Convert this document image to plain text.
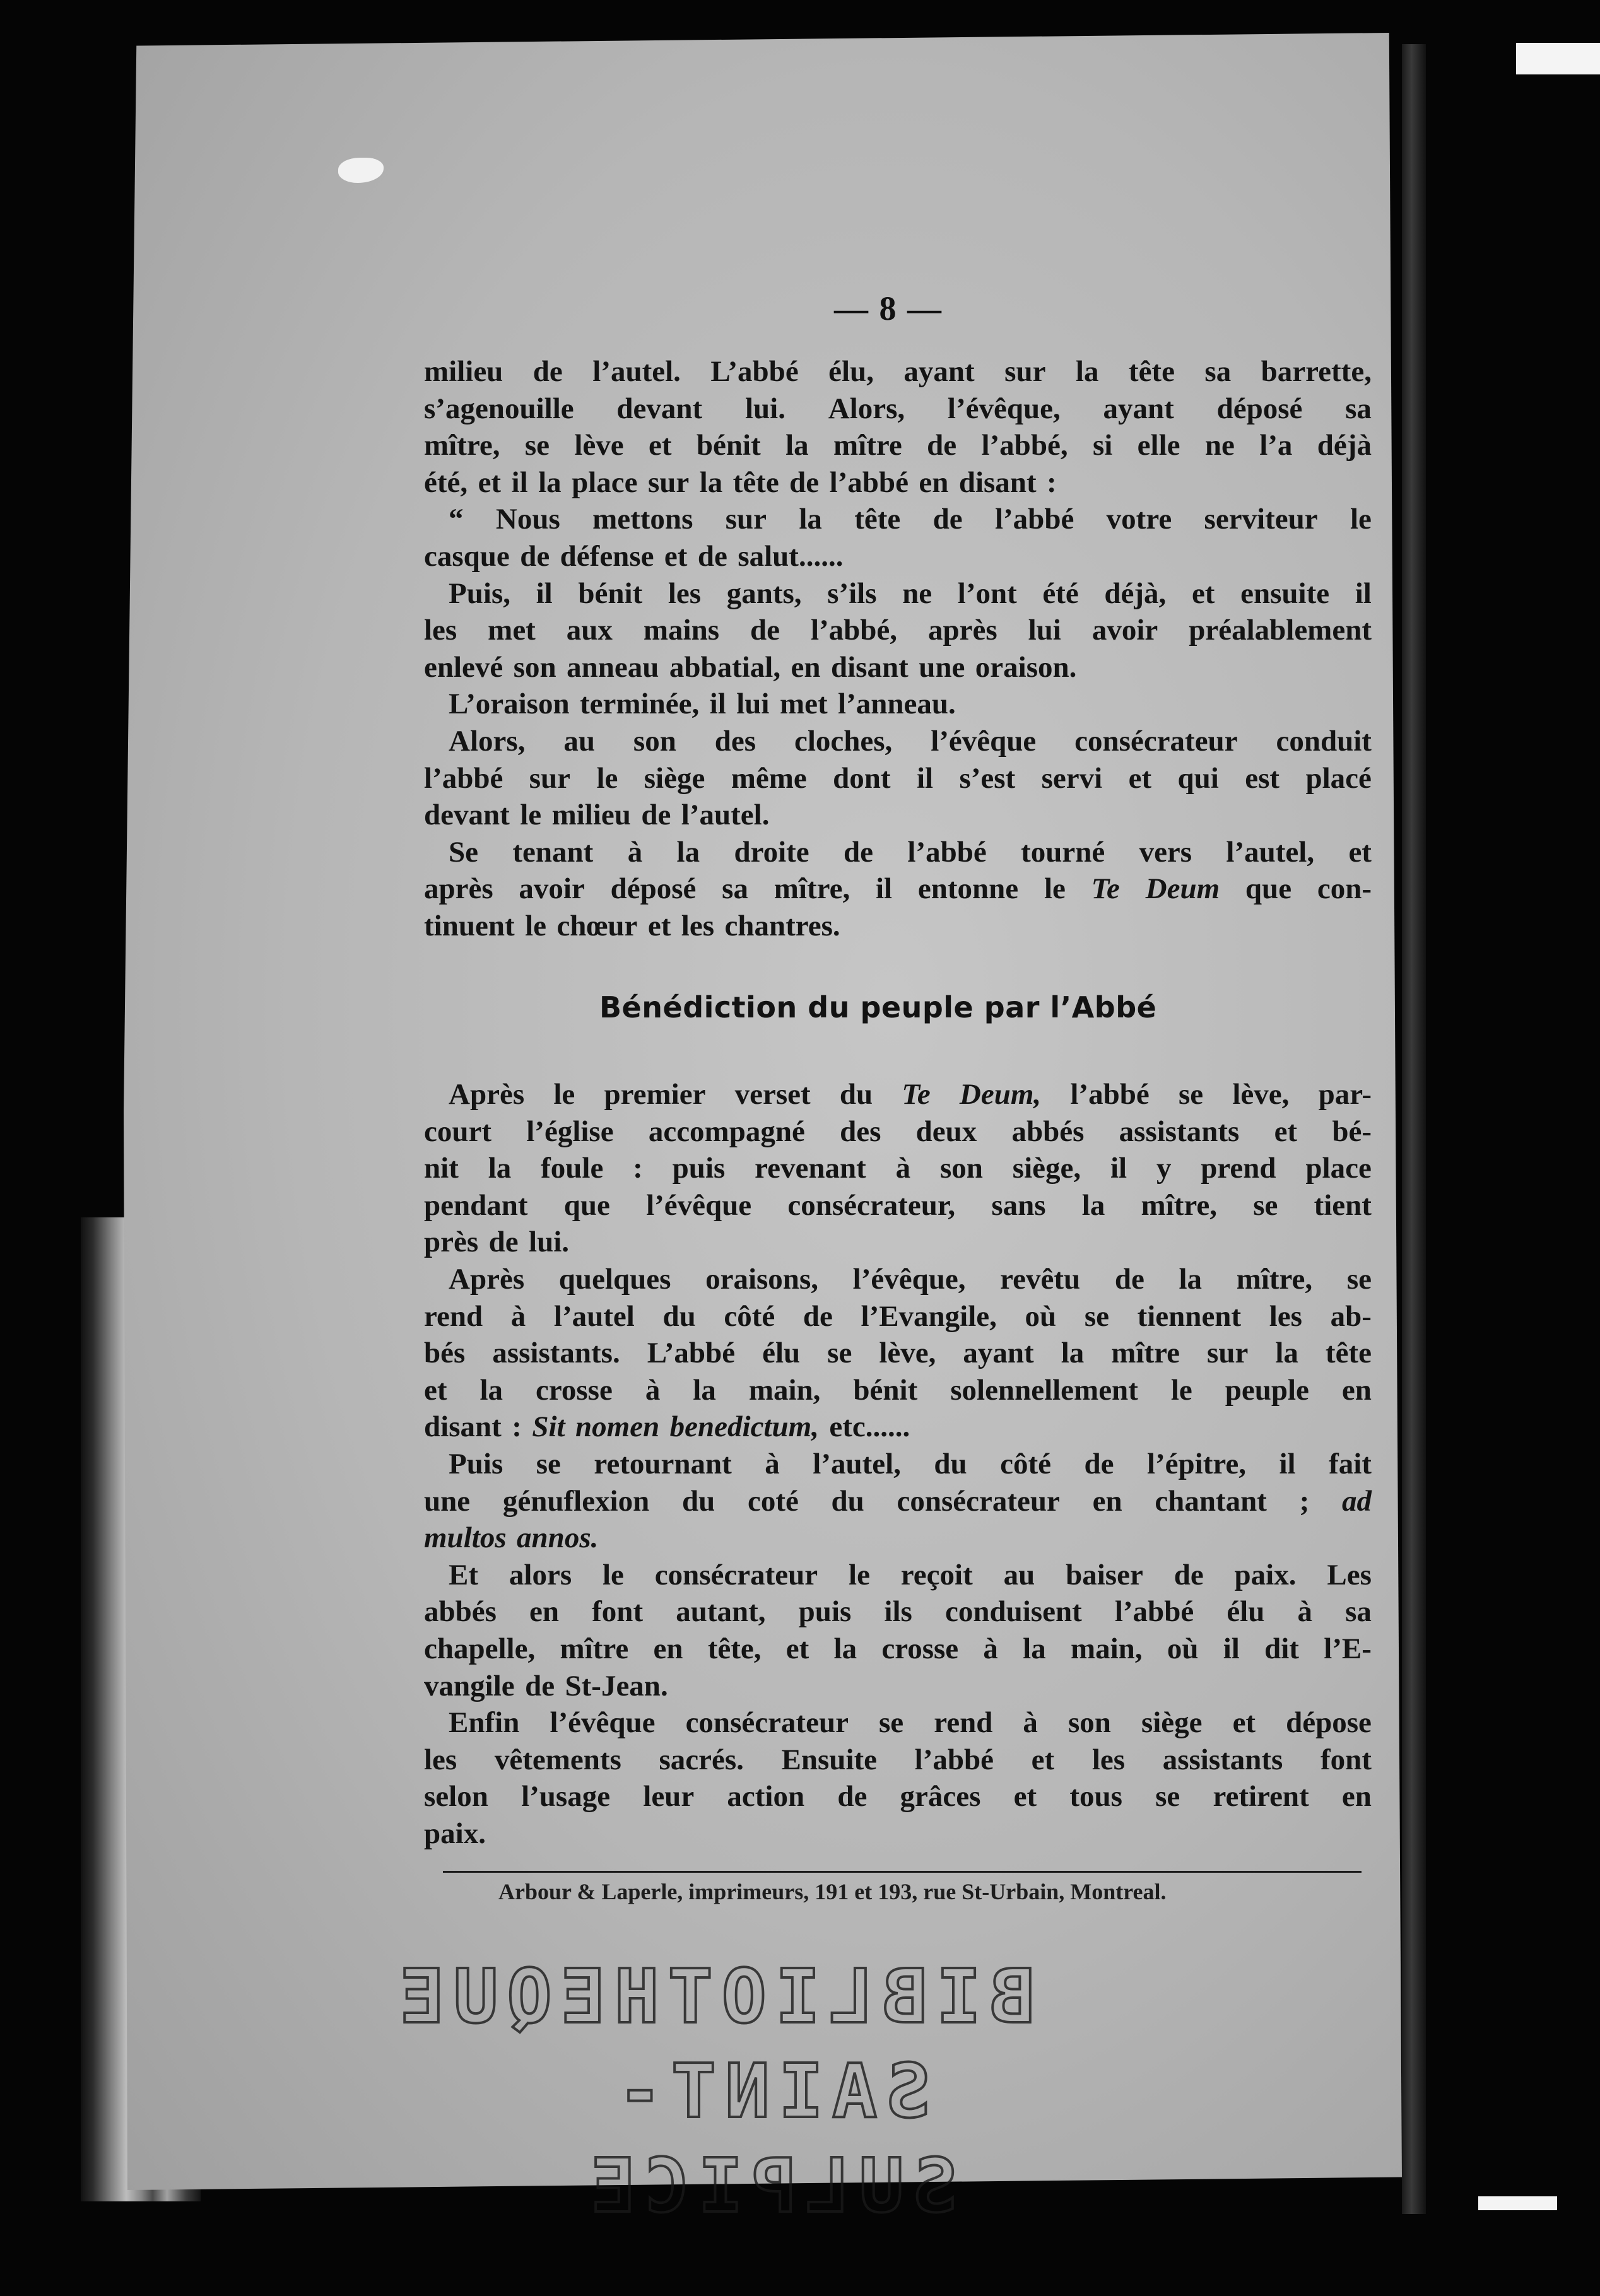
— 8 —
milieu de l’autel. L’abbé élu, ayant sur la tête sa barrette,
s’agenouille devant lui. Alors, l’évêque, ayant déposé sa
mître, se lève et bénit la mître de l’abbé, si elle ne l’a déjà
été, et il la place sur la tête de l’abbé en disant :
“ Nous mettons sur la tête de l’abbé votre serviteur le
casque de défense et de salut......
Puis, il bénit les gants, s’ils ne l’ont été déjà, et ensuite il
les met aux mains de l’abbé, après lui avoir préalablement
enlevé son anneau abbatial, en disant une oraison.
L’oraison terminée, il lui met l’anneau.
Alors, au son des cloches, l’évêque consécrateur conduit
l’abbé sur le siège même dont il s’est servi et qui est placé
devant le milieu de l’autel.
Se tenant à la droite de l’abbé tourné vers l’autel, et
après avoir déposé sa mître, il entonne le Te Deum que con-
tinuent le chœur et les chantres.
Bénédiction du peuple par l’Abbé
Après le premier verset du Te Deum, l’abbé se lève, par-
court l’église accompagné des deux abbés assistants et bé-
nit la foule : puis revenant à son siège, il y prend place
pendant que l’évêque consécrateur, sans la mître, se tient
près de lui.
Après quelques oraisons, l’évêque, revêtu de la mître, se
rend à l’autel du côté de l’Evangile, où se tiennent les ab-
bés assistants. L’abbé élu se lève, ayant la mître sur la tête
et la crosse à la main, bénit solennellement le peuple en
disant : Sit nomen benedictum, etc......
Puis se retournant à l’autel, du côté de l’épitre, il fait
une génuflexion du coté du consécrateur en chantant ; ad
multos annos.
Et alors le consécrateur le reçoit au baiser de paix. Les
abbés en font autant, puis ils conduisent l’abbé élu à sa
chapelle, mître en tête, et la crosse à la main, où il dit l’E-
vangile de St-Jean.
Enfin l’évêque consécrateur se rend à son siège et dépose
les vêtements sacrés. Ensuite l’abbé et les assistants font
selon l’usage leur action de grâces et tous se retirent en
paix.
Arbour & Laperle, imprimeurs, 191 et 193, rue St-Urbain, Montreal.
BIBLIOTHEQUE
SAINT-SULPICE
